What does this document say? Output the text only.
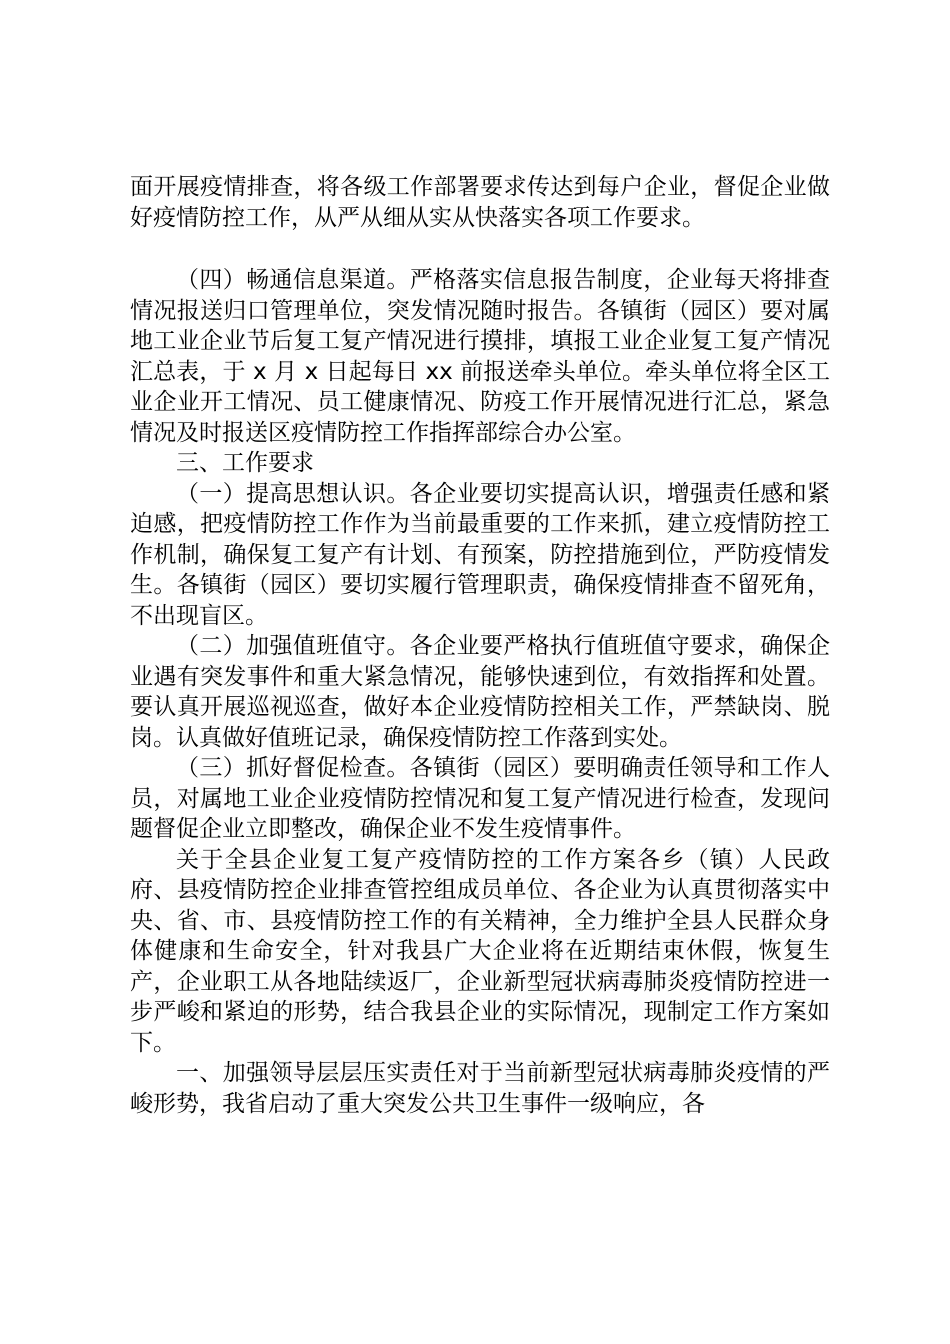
面开展疫情排查，将各级工作部署要求传达到每户企业，督促企业做好疫情防控工作，从严从细从实从快落实各项工作要求。

（四）畅通信息渠道。严格落实信息报告制度，企业每天将排查情况报送归口管理单位，突发情况随时报告。各镇街（园区）要对属地工业企业节后复工复产情况进行摸排，填报工业企业复工复产情况汇总表，于 x 月 x 日起每日 xx 前报送牵头单位。牵头单位将全区工业企业开工情况、员工健康情况、防疫工作开展情况进行汇总，紧急情况及时报送区疫情防控工作指挥部综合办公室。

三、工作要求

（一）提高思想认识。各企业要切实提高认识，增强责任感和紧迫感，把疫情防控工作作为当前最重要的工作来抓，建立疫情防控工作机制，确保复工复产有计划、有预案，防控措施到位，严防疫情发生。各镇街（园区）要切实履行管理职责，确保疫情排查不留死角，不出现盲区。

（二）加强值班值守。各企业要严格执行值班值守要求，确保企业遇有突发事件和重大紧急情况，能够快速到位，有效指挥和处置。要认真开展巡视巡查，做好本企业疫情防控相关工作，严禁缺岗、脱岗。认真做好值班记录，确保疫情防控工作落到实处。

（三）抓好督促检查。各镇街（园区）要明确责任领导和工作人员，对属地工业企业疫情防控情况和复工复产情况进行检查，发现问题督促企业立即整改，确保企业不发生疫情事件。

关于全县企业复工复产疫情防控的工作方案各乡（镇）人民政府、县疫情防控企业排查管控组成员单位、各企业为认真贯彻落实中央、省、市、县疫情防控工作的有关精神，全力维护全县人民群众身体健康和生命安全，针对我县广大企业将在近期结束休假，恢复生产，企业职工从各地陆续返厂，企业新型冠状病毒肺炎疫情防控进一步严峻和紧迫的形势，结合我县企业的实际情况，现制定工作方案如下。

一、加强领导层层压实责任对于当前新型冠状病毒肺炎疫情的严峻形势，我省启动了重大突发公共卫生事件一级响应，各
